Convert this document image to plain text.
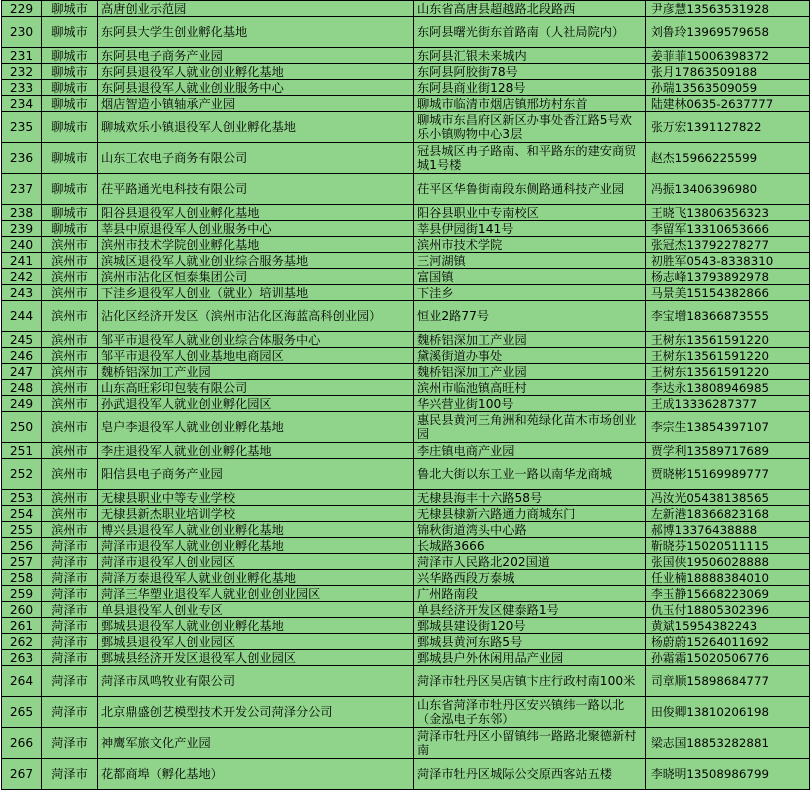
229	聊城市	高唐创业示范园	山东省高唐县超越路北段路西	尹彦慧13563531928
230	聊城市	东阿县大学生创业孵化基地	东阿县曙光街东首路南（人社局院内）	刘鲁玲13969579658
231	聊城市	东阿县电子商务产业园	东阿县汇银未来城内	姜菲菲15006398372
232	聊城市	东阿县退役军人就业创业孵化基地	东阿县阿胶街78号	张月17863509188
233	聊城市	东阿县退役军人就业创业服务中心	东阿县商业街128号	孙瑞13563509059
234	聊城市	烟店智造小镇轴承产业园	聊城市临清市烟店镇邢坊村东首	陆建林0635-2637777
235	聊城市	聊城欢乐小镇退役军人创业孵化基地	聊城市东昌府区新区办事处香江路5号欢乐小镇购物中心3层	张万宏1391127822
236	聊城市	山东工农电子商务有限公司	冠县城区冉子路南、和平路东的建安商贸城1号楼	赵杰15966225599
237	聊城市	茌平路通光电科技有限公司	茌平区华鲁街南段东侧路通科技产业园	冯振13406396980
238	聊城市	阳谷县退役军人创业孵化基地	阳谷县职业中专南校区	王晓飞13806356323
239	聊城市	莘县中原退役军人创业服务中心	莘县伊园街141号	李留军13310653666
240	滨州市	滨州市技术学院创业孵化基地	滨州市技术学院	张冠杰13792278277
241	滨州市	滨城区退役军人就业创业综合服务基地	三河湖镇	初胜军0543-8338310
242	滨州市	滨州市沾化区恒泰集团公司	富国镇	杨志峰13793892978
243	滨州市	下洼乡退役军人创业（就业）培训基地	下洼乡	马景美15154382866
244	滨州市	沾化区经济开发区（滨州市沾化区海蓝高科创业园）	恒业2路77号	李宝增18366873555
245	滨州市	邹平市退役军人就业创业综合体服务中心	魏桥铝深加工产业园	王树东13561591220
246	滨州市	邹平市退役军人创业基地电商园区	黛溪街道办事处	王树东13561591220
247	滨州市	魏桥铝深加工产业园	魏桥铝深加工产业园	王树东13561591220
248	滨州市	山东高旺彩印包装有限公司	滨州市临池镇高旺村	李达永13808946985
249	滨州市	孙武退役军人就业创业孵化园区	华兴营业街100号	王成13336287377
250	滨州市	皂户李退役军人就业创业孵化基地	惠民县黄河三角洲和苑绿化苗木市场创业园	李宗生13854397107
251	滨州市	李庄退役军人就业创业孵化基地	李庄镇电商产业园	贾学利13589717689
252	滨州市	阳信县电子商务产业园	鲁北大街以东工业一路以南华龙商城	贾晓彬15169989777
253	滨州市	无棣县职业中等专业学校	无棣县海丰十六路58号	冯汝光05438138565
254	滨州市	无棣县新杰职业培训学校	无棣县棣新六路通力商城东门	左新港18366823168
255	滨州市	博兴县退役军人就业创业孵化基地	锦秋街道湾头中心路	郝博13376438888
256	菏泽市	菏泽市退役军人就业创业孵化基地	长城路3666	靳晓芬15020511115
257	菏泽市	菏泽市退役军人创业园区	菏泽市人民路北202国道	张国侠19506028888
258	菏泽市	菏泽万泰退役军人就业创业孵化基地	兴华路西段万泰城	任业楠18888384010
259	菏泽市	菏泽三华塑业退役军人就业创业创业园区	广州路南段	李玉静15668223069
260	菏泽市	单县退役军人创业专区	单县经济开发区健泰路1号	仇玉付18805302396
261	菏泽市	鄄城县退役军人就业创业孵化基地	鄄城县建设街120号	黄斌15954382243
262	菏泽市	鄄城县退役军人创业园区	鄄城县黄河东路5号	杨蔚蔚15264011692
263	菏泽市	鄄城县经济开发区退役军人创业园区	鄄城县户外休闲用品产业园	孙霜霜15020506776
264	菏泽市	菏泽市凤鸣牧业有限公司	菏泽市牡丹区吴店镇卞庄行政村南100米	司章顺15898684777
265	菏泽市	北京鼎盛创艺模型技术开发公司菏泽分公司	山东省菏泽市牡丹区安兴镇纬一路以北（金泓电子东邻）	田俊卿13810206198
266	菏泽市	神鹰军旅文化产业园	菏泽市牡丹区小留镇纬一路路北聚德新村南	梁志国18853282881
267	菏泽市	花都商埠（孵化基地）	菏泽市牡丹区城际公交原西客站五楼	李晓明13508986799
